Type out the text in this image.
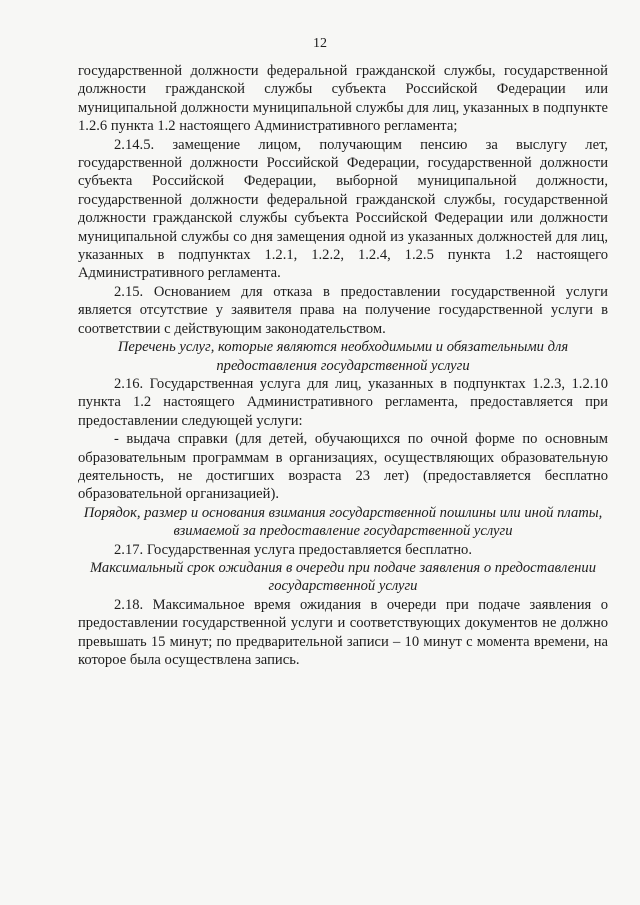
12

государственной должности федеральной гражданской службы, государственной должности гражданской службы субъекта Российской Федерации или муниципальной должности муниципальной службы для лиц, указанных в подпункте 1.2.6 пункта 1.2 настоящего Административного регламента;

2.14.5. замещение лицом, получающим пенсию за выслугу лет, государственной должности Российской Федерации, государственной должности субъекта Российской Федерации, выборной муниципальной должности, государственной должности федеральной гражданской службы, государственной должности гражданской службы субъекта Российской Федерации или должности муниципальной службы со дня замещения одной из указанных должностей для лиц, указанных в подпунктах 1.2.1, 1.2.2, 1.2.4, 1.2.5 пункта 1.2 настоящего Административного регламента.

2.15. Основанием для отказа в предоставлении государственной услуги является отсутствие у заявителя права на получение государственной услуги в соответствии с действующим законодательством.

Перечень услуг, которые являются необходимыми и обязательными для предоставления государственной услуги

2.16. Государственная услуга для лиц, указанных в подпунктах 1.2.3, 1.2.10 пункта 1.2 настоящего Административного регламента, предоставляется при предоставлении следующей услуги:

- выдача справки (для детей, обучающихся по очной форме по основным образовательным программам в организациях, осуществляющих образовательную деятельность, не достигших возраста 23 лет) (предоставляется бесплатно образовательной организацией).

Порядок, размер и основания взимания государственной пошлины или иной платы, взимаемой за предоставление государственной услуги

2.17. Государственная услуга предоставляется бесплатно.

Максимальный срок ожидания в очереди при подаче заявления о предоставлении государственной услуги

2.18. Максимальное время ожидания в очереди при подаче заявления о предоставлении государственной услуги и соответствующих документов не должно превышать 15 минут; по предварительной записи – 10 минут с момента времени, на которое была осуществлена запись.
